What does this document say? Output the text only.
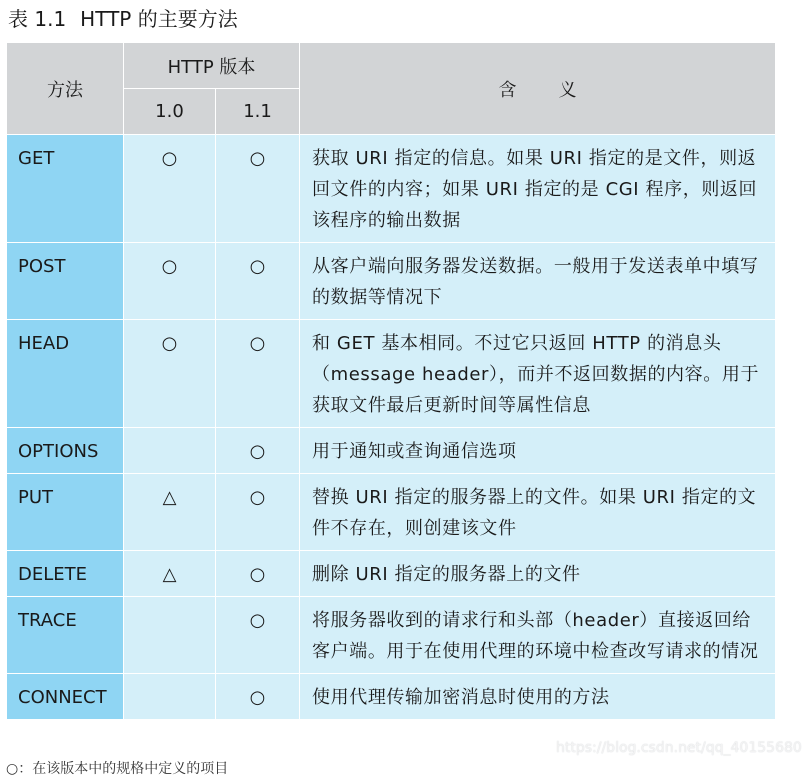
表 1.1 HTTP 的主要方法
方法	HTTP 版本		含义
	1.0	1.1	
GET	○	○	获取 URI 指定的信息。如果 URI 指定的是文件，则返回文件的内容；如果 URI 指定的是 CGI 程序，则返回该程序的输出数据
POST	○	○	从客户端向服务器发送数据。一般用于发送表单中填写的数据等情况下
HEAD	○	○	和 GET 基本相同。不过它只返回 HTTP 的消息头（message header），而并不返回数据的内容。用于获取文件最后更新时间等属性信息
OPTIONS		○	用于通知或查询通信选项
PUT	△	○	替换 URI 指定的服务器上的文件。如果 URI 指定的文件不存在，则创建该文件
DELETE	△	○	删除 URI 指定的服务器上的文件
TRACE		○	将服务器收到的请求行和头部（header）直接返回给客户端。用于在使用代理的环境中检查改写请求的情况
CONNECT		○	使用代理传输加密消息时使用的方法
https://blog.csdn.net/qq_40155680
○：在该版本中的规格中定义的项目
